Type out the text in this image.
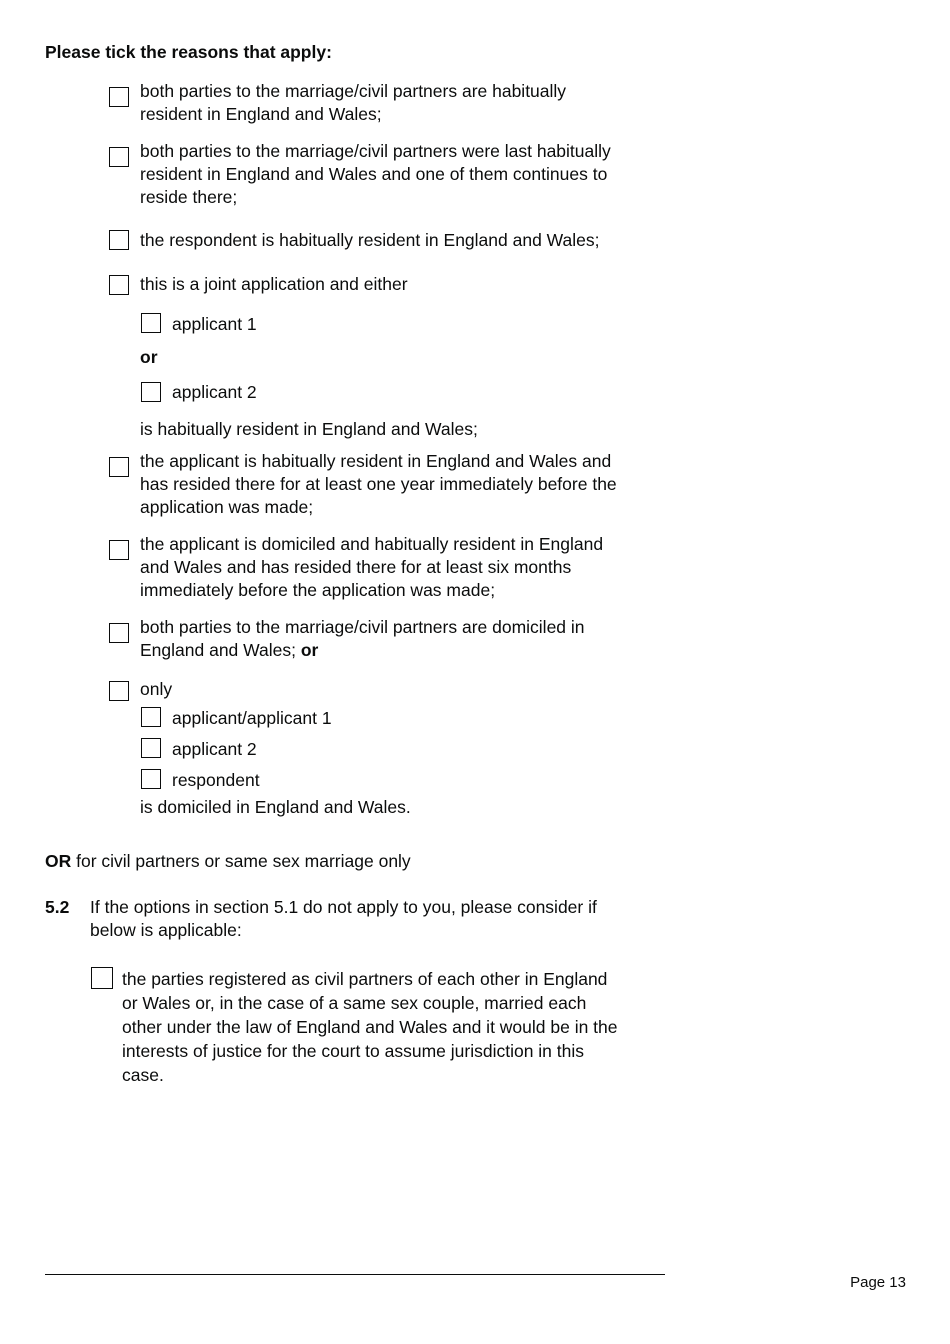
Please tick the reasons that apply:
both parties to the marriage/civil partners are habitually
resident in England and Wales;
both parties to the marriage/civil partners were last habitually
resident in England and Wales and one of them continues to
reside there;
the respondent is habitually resident in England and Wales;
this is a joint application and either
applicant 1
or
applicant 2
is habitually resident in England and Wales;
the applicant is habitually resident in England and Wales and
has resided there for at least one year immediately before the
application was made;
the applicant is domiciled and habitually resident in England
and Wales and has resided there for at least six months
immediately before the application was made;
both parties to the marriage/civil partners are domiciled in
England and Wales; or
only
applicant/applicant 1
applicant 2
respondent
is domiciled in England and Wales.
OR for civil partners or same sex marriage only
5.2 If the options in section 5.1 do not apply to you, please consider if
below is applicable:
the parties registered as civil partners of each other in England
or Wales or, in the case of a same sex couple, married each
other under the law of England and Wales and it would be in the
interests of justice for the court to assume jurisdiction in this
case.
Page 13
